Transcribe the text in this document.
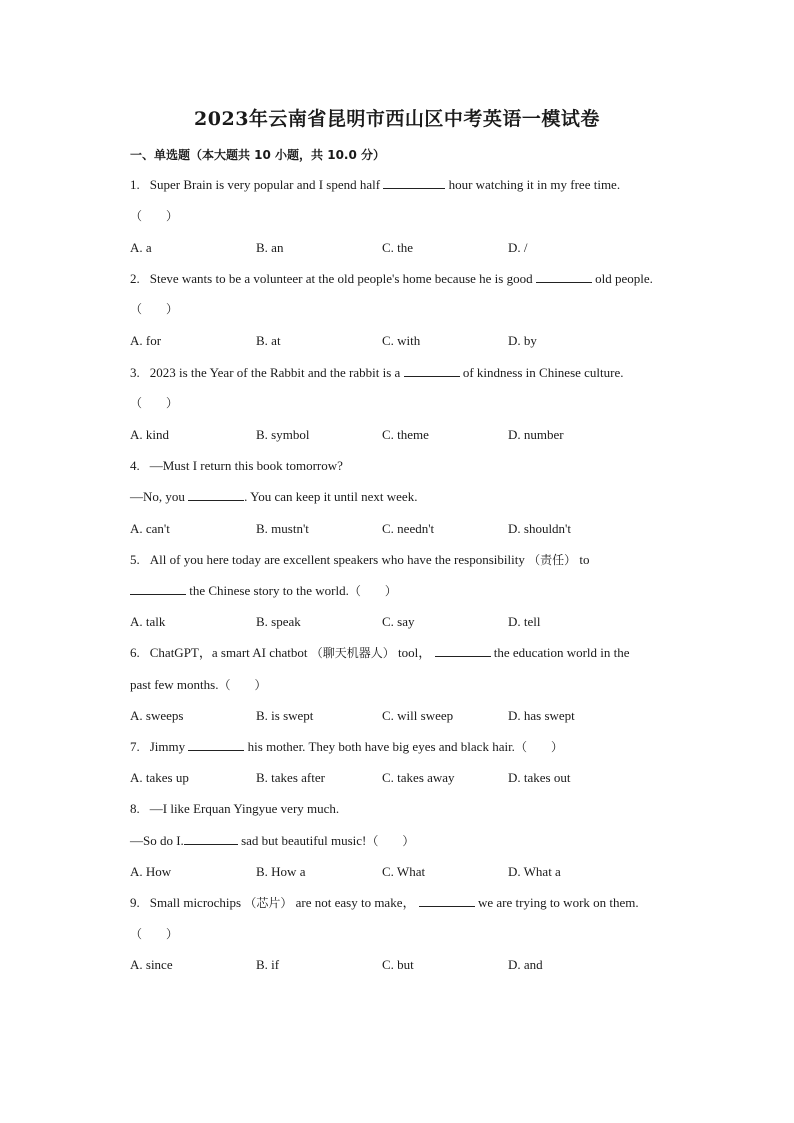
2023年云南省昆明市西山区中考英语一模试卷
一、单选题（本大题共 10 小题，共 10.0 分）
1. Super Brain is very popular and I spend half	hour watching it in my free time.
（　　）
A. a	B. an	C. the	D. /
2. Steve wants to be a volunteer at the old people's home because he is good	old people.
（　　）
A. for	B. at	C. with	D. by
3. 2023 is the Year of the Rabbit and the rabbit is a	of kindness in Chinese culture.
（　　）
A. kind	B. symbol	C. theme	D. number
4. —Must I return this book tomorrow?
—No, you	. You can keep it until next week.
A. can't	B. mustn't	C. needn't	D. shouldn't
5. All of you here today are excellent speakers who have the responsibility （责任） to
the Chinese story to the world.（　　）
A. talk	B. speak	C. say	D. tell
6. ChatGPT，a smart AI chatbot （聊天机器人） tool，	the education world in the
past few months.（　　）
A. sweeps	B. is swept	C. will sweep	D. has swept
7. Jimmy	his mother. They both have big eyes and black hair.（　　）
A. takes up	B. takes after	C. takes away	D. takes out
8. —I like Erquan Yingyue very much.
—So do I.	sad but beautiful music!（　　）
A. How	B. How a	C. What	D. What a
9. Small microchips （芯片） are not easy to make，	we are trying to work on them.
（　　）
A. since	B. if	C. but	D. and
